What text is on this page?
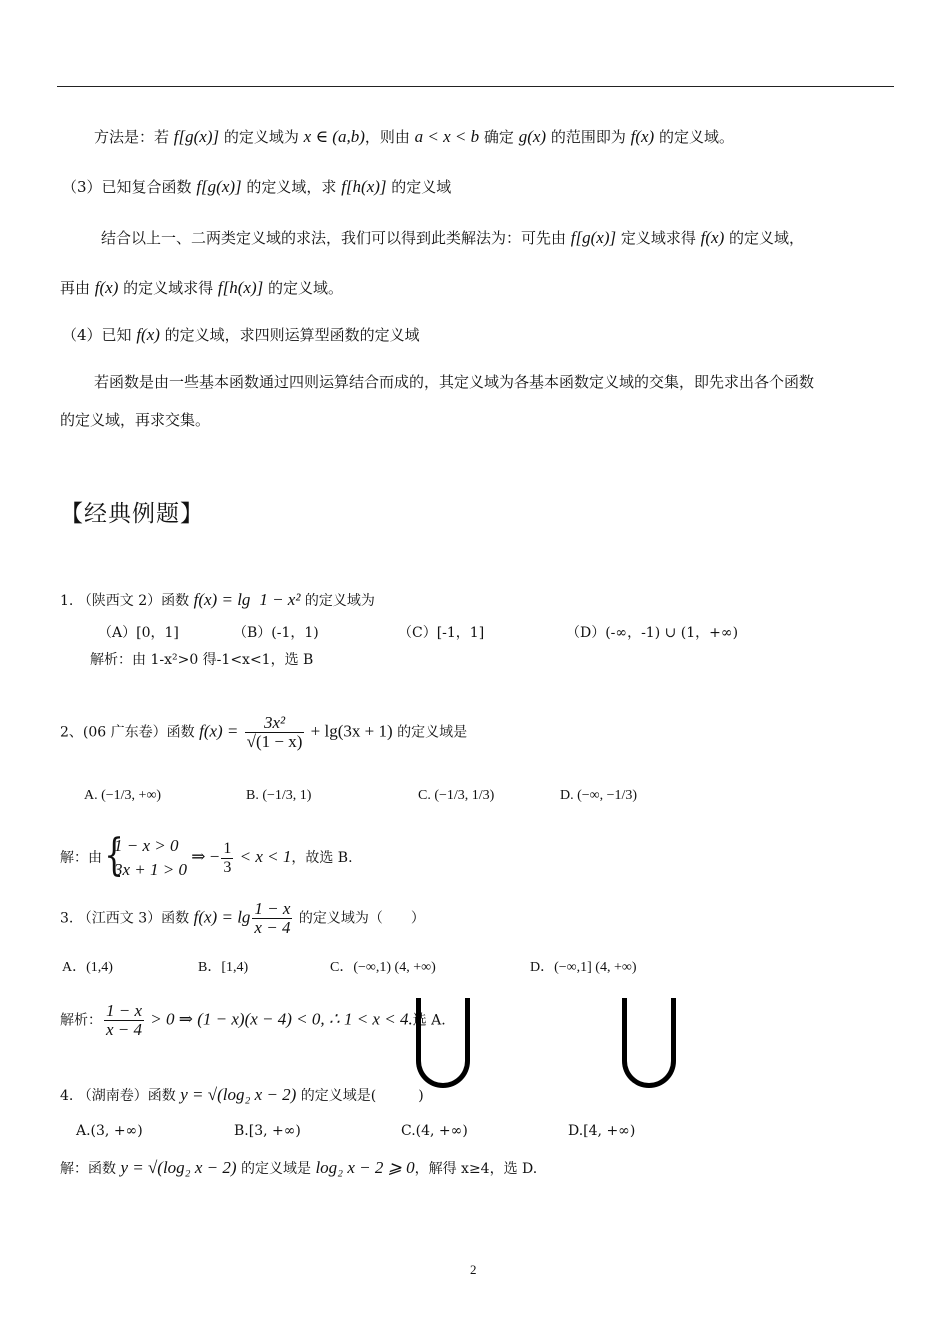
方法是：若 f[g(x)] 的定义域为 x ∈ (a,b)，则由 a < x < b 确定 g(x) 的范围即为 f(x) 的定义域。
（3）已知复合函数 f[g(x)] 的定义域，求 f[h(x)] 的定义域
结合以上一、二两类定义域的求法，我们可以得到此类解法为：可先由 f[g(x)] 定义域求得 f(x) 的定义域，
再由 f(x) 的定义域求得 f[h(x)] 的定义域。
（4）已知 f(x) 的定义域，求四则运算型函数的定义域
若函数是由一些基本函数通过四则运算结合而成的，其定义域为各基本函数定义域的交集，即先求出各个函数
的定义域，再求交集。
【经典例题】
1. （陕西文 2）函数 f(x) = lg 1 − x² 的定义域为
（A）[0，1]	（B）(-1，1)	（C）[-1，1]	（D）(-∞，-1) ∪ (1，+∞)
解析：由 1-x²>0 得-1<x<1，选 B
2、(06 广东卷）函数 $f(x) = \frac{\text{3x²}}{√(1 - x)} + \lg(3x + 1)$ 的定义域是
A. (−1/3, +∞)	B. (−1/3, 1)	C. (−1/3, 1/3)	D. (−∞, −1/3)
解：由
{ 1 − x > 0
3x + 1 > 0
⇒ − $\frac{1}{3} < x < 1$，故选 B.
3. （江西文 3）函数 $f(x) = \lg \frac{1 - x}{x - 4}$ 的定义域为（　　）
A．(1,4)	B．[1,4)	C．(−∞,1) (4, +∞)	D．(−∞,1] (4, +∞)
解析： $\frac{1 - x}{x - 4} > 0$ ⇒ (1 − x)(x − 4) < 0, ∴ 1 < x < 4.选 A.
4. （湖南卷）函数 y = √(log₂ x − 2) 的定义域是(　　　)
A.(3, +∞)	B.[3, +∞)	C.(4, +∞)	D.[4, +∞)
解：函数 y = √(log₂ x − 2) 的定义域是 log₂ x − 2 ⩾ 0，解得 x≥4，选 D.
2
